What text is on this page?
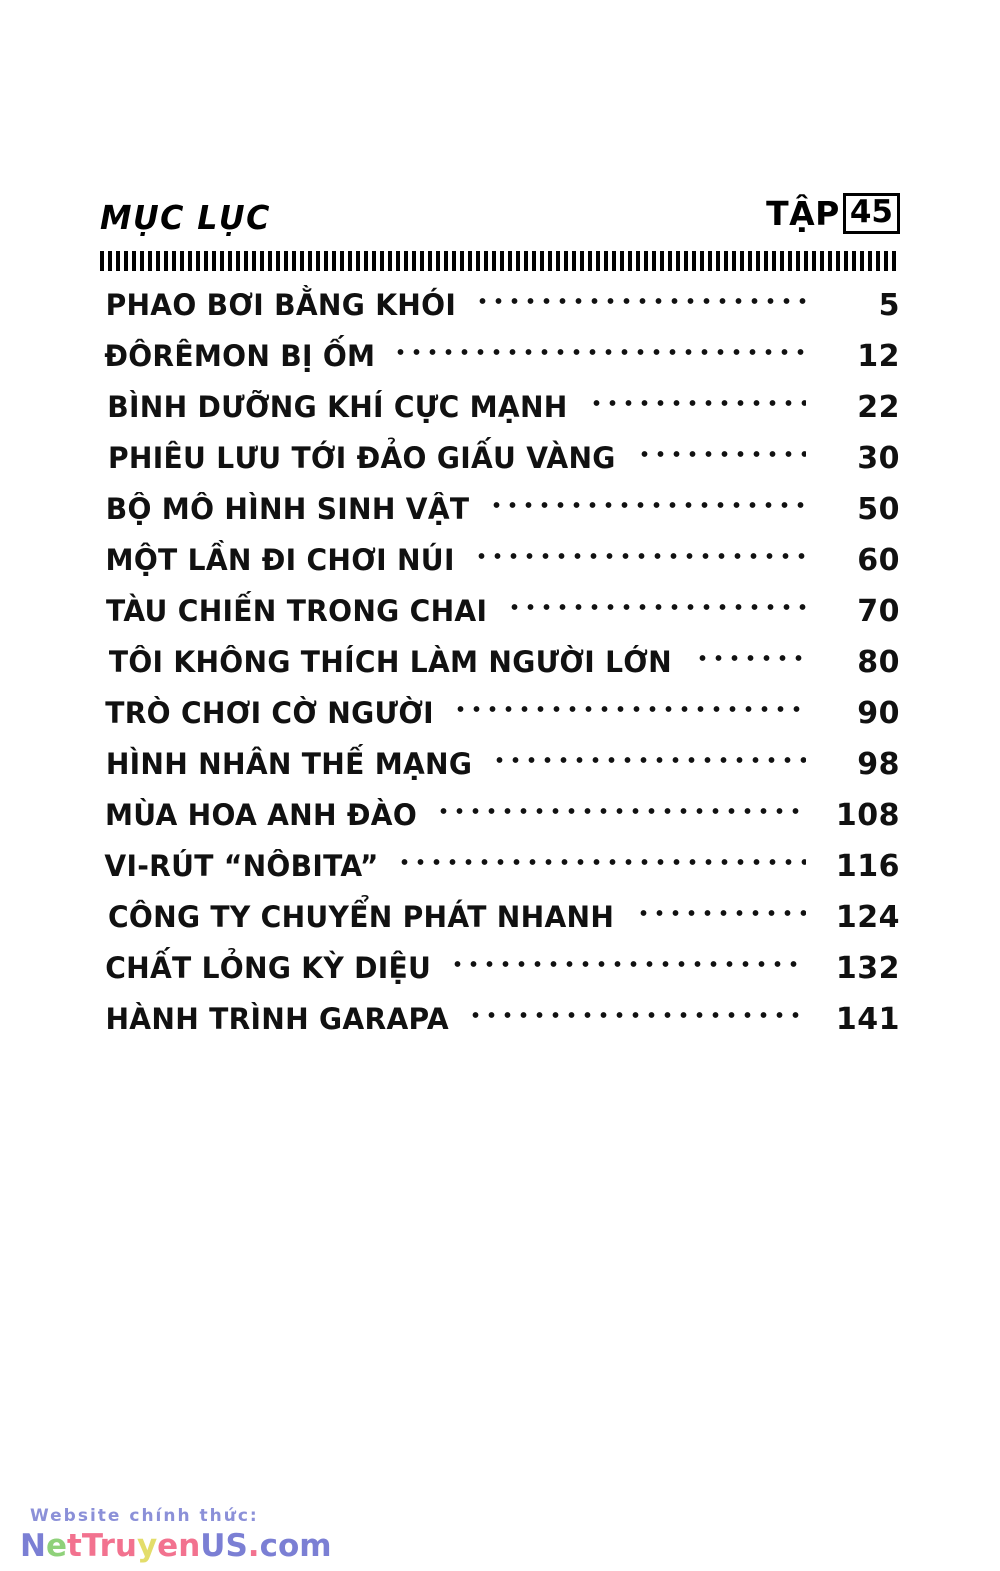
MỤC LỤC	TẬP 45
PHAO BƠI BẰNG KHÓI	5
ĐÔRÊMON BỊ ỐM	12
BÌNH DƯỠNG KHÍ CỰC MẠNH	22
PHIÊU LƯU TỚI ĐẢO GIẤU VÀNG	30
BỘ MÔ HÌNH SINH VẬT	50
MỘT LẦN ĐI CHƠI NÚI	60
TÀU CHIẾN TRONG CHAI	70
TÔI KHÔNG THÍCH LÀM NGƯỜI LỚN	80
TRÒ CHƠI CỜ NGƯỜI	90
HÌNH NHÂN THẾ MẠNG	98
MÙA HOA ANH ĐÀO	108
VI-RÚT “NÔBITA”	116
CÔNG TY CHUYỂN PHÁT NHANH	124
CHẤT LỎNG KỲ DIỆU	132
HÀNH TRÌNH GARAPA	141
Website chính thức:
NetTruyenUS.com
